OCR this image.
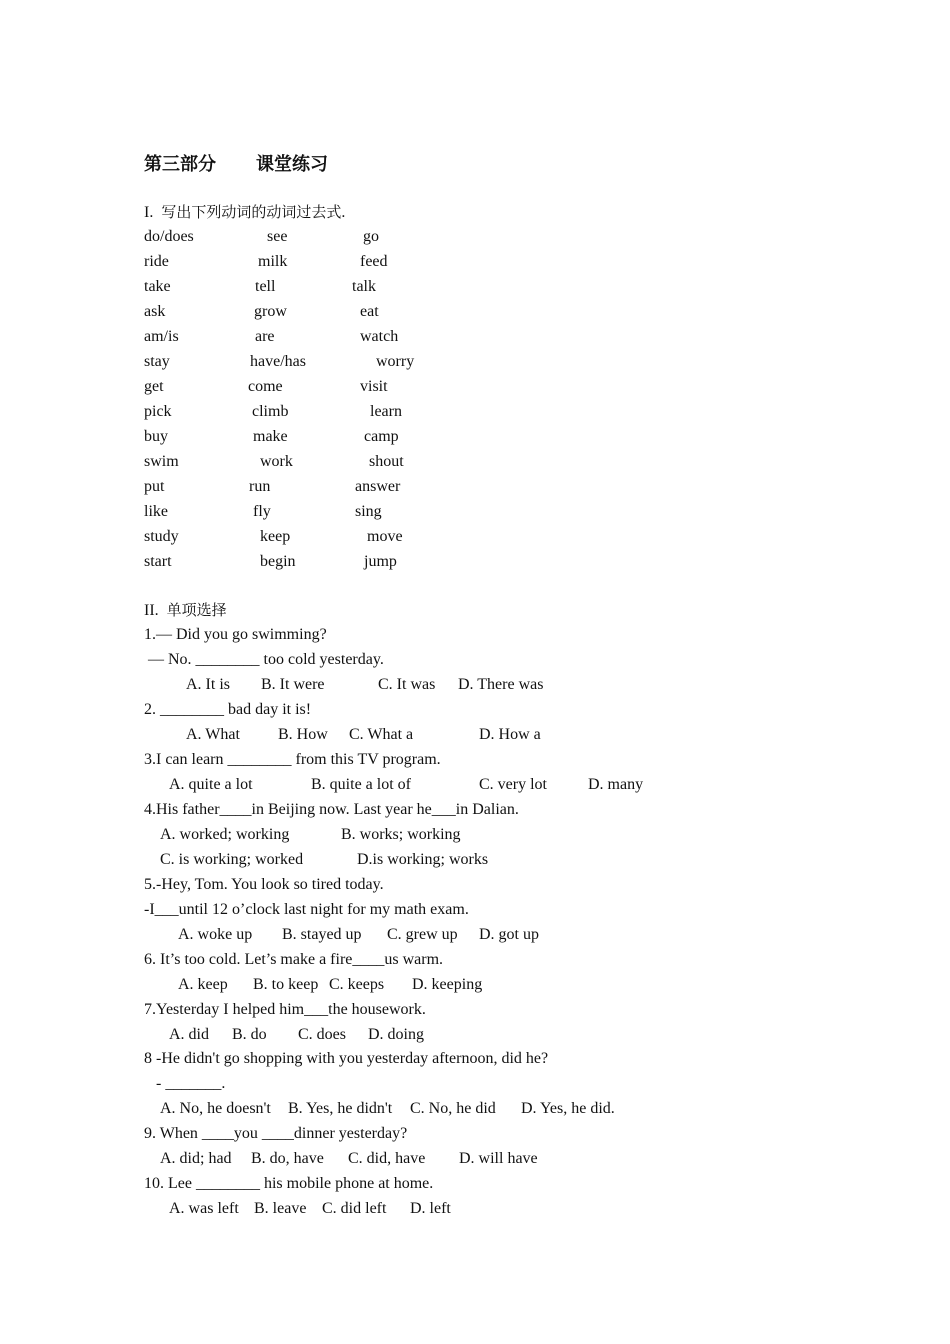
第三部分 课堂练习
I. 写出下列动词的动词过去式.
do/does	see	go
ride	milk	feed
take	tell	talk
ask	grow	eat
am/is	are	watch
stay	have/has	worry
get	come	visit
pick	climb	learn
buy	make	camp
swim	work	shout
put	run	answer
like	fly	sing
study	keep	move
start	begin	jump
II. 单项选择
1.— Did you go swimming?
— No. ________ too cold yesterday.
A. It is B. It were	C. It was D. There was
2. ________ bad day it is!
A. What B. How C. What a	D. How a
3.I can learn ________ from this TV program.
A. quite a lot	B. quite a lot of	C. very lot	D. many
4.His father____in Beijing now. Last year he___in Dalian.
A. worked; working	B. works; working
C. is working; worked	D.is working; works
5.-Hey, Tom. You look so tired today.
-I___until 12 o’clock last night for my math exam.
A. woke up B. stayed up C. grew up D. got up
6. It’s too cold. Let’s make a fire____us warm.
A. keep B. to keep C. keeps D. keeping
7.Yesterday I helped him___the housework.
A. did B. do C. does D. doing
8 -He didn't go shopping with you yesterday afternoon, did he?
- _______.
A. No, he doesn't B. Yes, he didn't C. No, he did D. Yes, he did.
9. When ____you ____dinner yesterday?
A. did; had B. do, have C. did, have D. will have
10. Lee ________ his mobile phone at home.
A. was left B. leave C. did left D. left
